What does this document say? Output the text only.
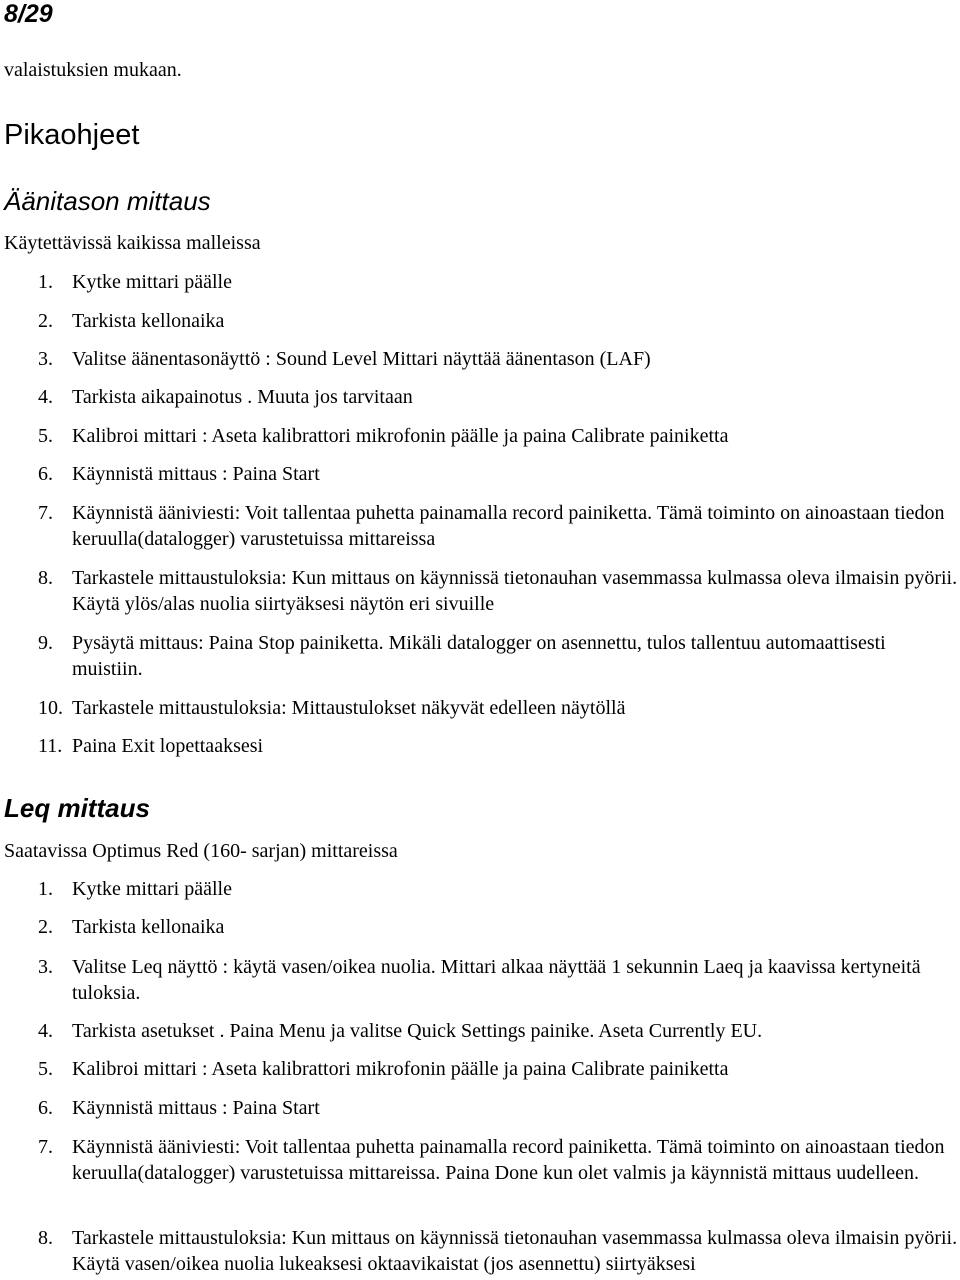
8/29
valaistuksien mukaan.
Pikaohjeet
Äänitason mittaus
Käytettävissä kaikissa malleissa
1. Kytke mittari päälle
2. Tarkista kellonaika
3. Valitse äänentasonäyttö : Sound Level Mittari näyttää äänentason (LAF)
4. Tarkista aikapainotus . Muuta jos tarvitaan
5. Kalibroi mittari : Aseta kalibrattori mikrofonin päälle ja paina Calibrate painiketta
6. Käynnistä mittaus : Paina Start
7. Käynnistä ääniviesti: Voit tallentaa puhetta painamalla record painiketta. Tämä toiminto on ainoastaan tiedon keruulla(datalogger) varustetuissa mittareissa
8. Tarkastele mittaustuloksia: Kun mittaus on käynnissä tietonauhan vasemmassa kulmassa oleva ilmaisin pyörii. Käytä ylös/alas nuolia siirtyäksesi näytön eri sivuille
9. Pysäytä mittaus: Paina Stop painiketta. Mikäli datalogger on asennettu, tulos tallentuu automaattisesti muistiin.
10. Tarkastele mittaustuloksia: Mittaustulokset näkyvät edelleen näytöllä
11. Paina Exit lopettaaksesi
Leq mittaus
Saatavissa Optimus Red (160- sarjan) mittareissa
1. Kytke mittari päälle
2. Tarkista kellonaika
3. Valitse Leq näyttö : käytä vasen/oikea nuolia. Mittari alkaa näyttää 1 sekunnin Laeq ja kaavissa kertyneitä tuloksia.
4. Tarkista asetukset . Paina Menu ja valitse Quick Settings painike. Aseta Currently EU.
5. Kalibroi mittari : Aseta kalibrattori mikrofonin päälle ja paina Calibrate painiketta
6. Käynnistä mittaus : Paina Start
7. Käynnistä ääniviesti: Voit tallentaa puhetta painamalla record painiketta. Tämä toiminto on ainoastaan tiedon keruulla(datalogger) varustetuissa mittareissa. Paina Done kun olet valmis ja käynnistä mittaus uudelleen.
8. Tarkastele mittaustuloksia: Kun mittaus on käynnissä tietonauhan vasemmassa kulmassa oleva ilmaisin pyörii. Käytä vasen/oikea nuolia lukeaksesi oktaavikaistat (jos asennettu) siirtyäksesi
